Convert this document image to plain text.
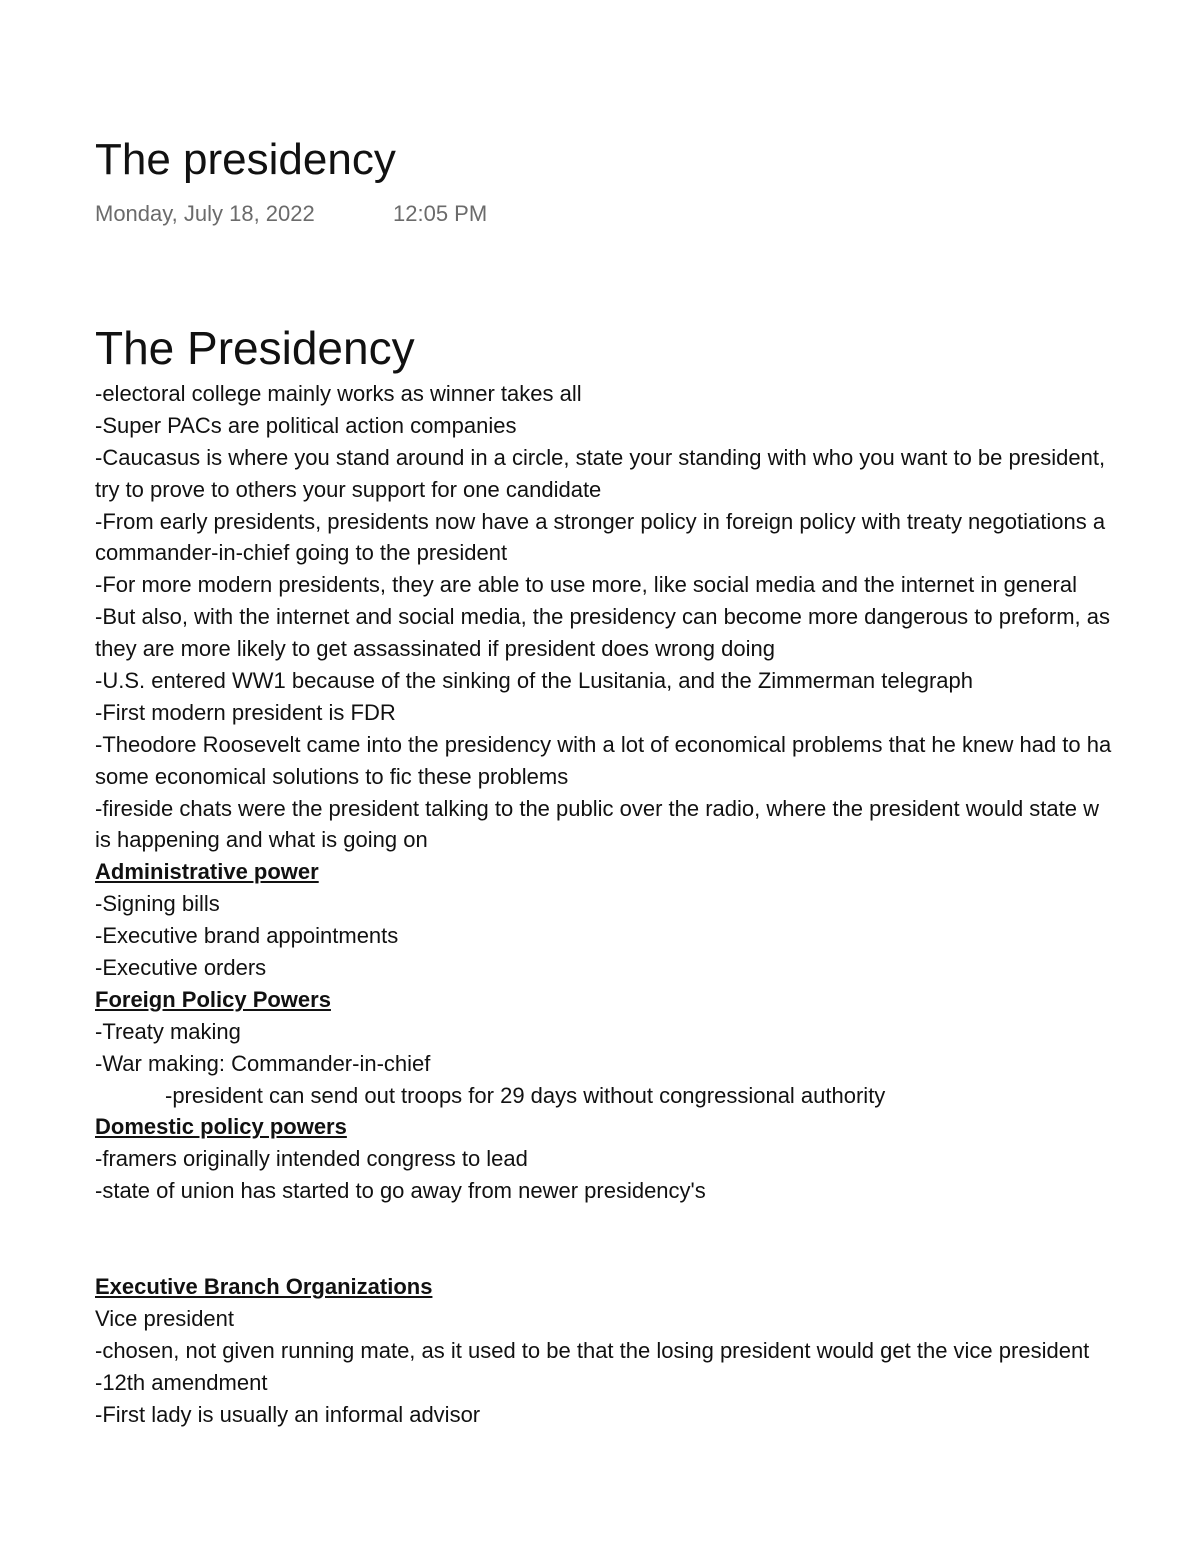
The presidency
Monday, July 18, 2022	12:05 PM
The Presidency
-electoral college mainly works as winner takes all
-Super PACs are political action companies
-Caucasus is where you stand around in a circle, state your standing with who you want to be president,
try to prove to others your support for one candidate
-From early presidents, presidents now have a stronger policy in foreign policy with treaty negotiations a
commander-in-chief going to the president
-For more modern presidents, they are able to use more, like social media and the internet in general
-But also, with the internet and social media, the presidency can become more dangerous to preform, as
they are more likely to get assassinated if president does wrong doing
-U.S. entered WW1 because of the sinking of the Lusitania, and the Zimmerman telegraph
-First modern president is FDR
-Theodore Roosevelt came into the presidency with a lot of economical problems that he knew had to ha
some economical solutions to fic these problems
-fireside chats were the president talking to the public over the radio, where the president would state w
is happening and what is going on
Administrative power
-Signing bills
-Executive brand appointments
-Executive orders
Foreign Policy Powers
-Treaty making
-War making: Commander-in-chief
-president can send out troops for 29 days without congressional authority
Domestic policy powers
-framers originally intended congress to lead
-state of union has started to go away from newer presidency's
Executive Branch Organizations
Vice president
-chosen, not given running mate, as it used to be that the losing president would get the vice president
-12th amendment
-First lady is usually an informal advisor
